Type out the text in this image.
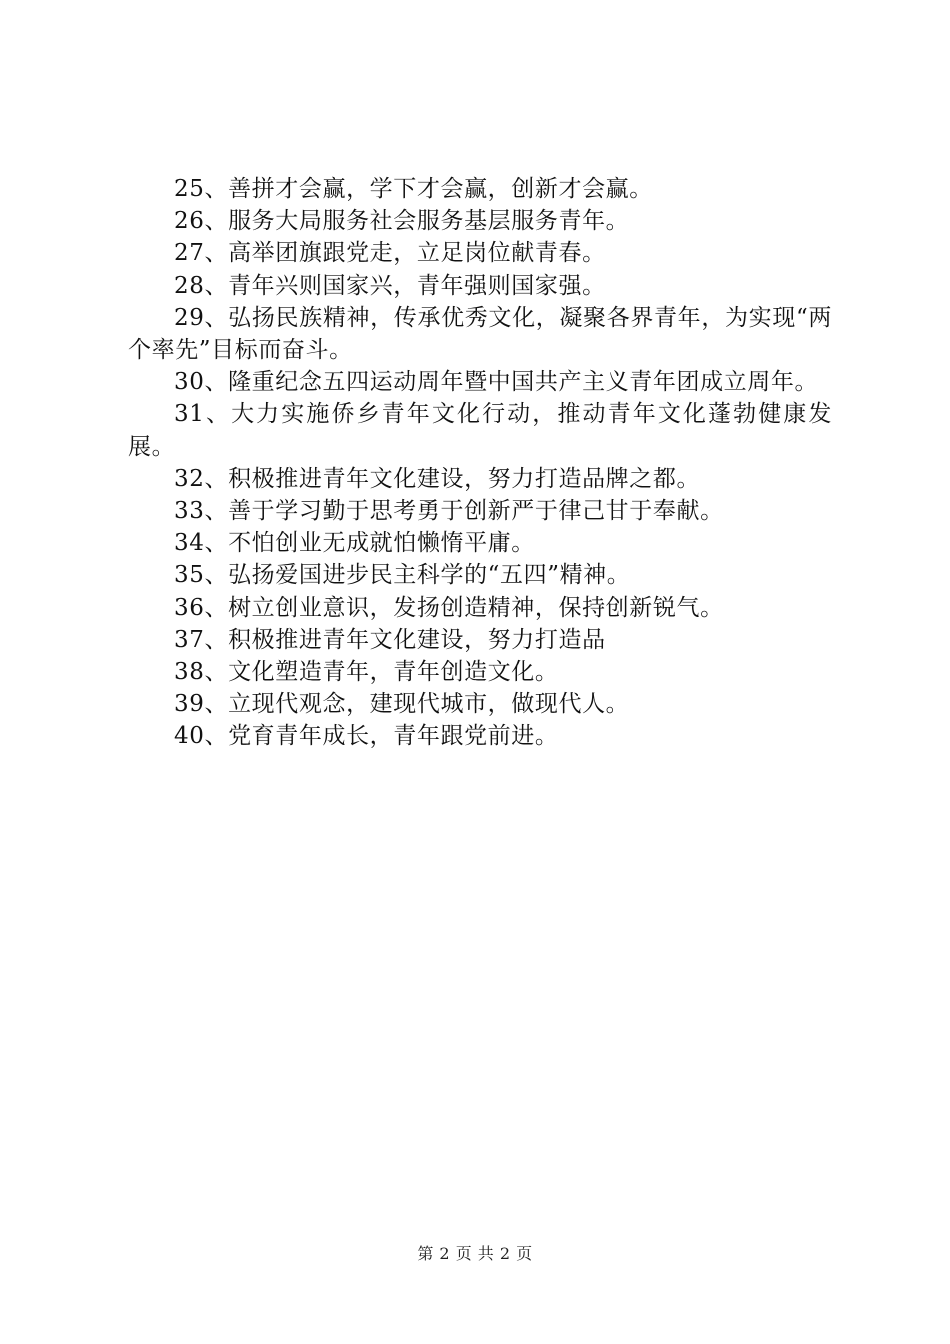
25、善拼才会赢，学下才会赢，创新才会赢。

26、服务大局服务社会服务基层服务青年。

27、高举团旗跟党走，立足岗位献青春。

28、青年兴则国家兴，青年强则国家强。

29、弘扬民族精神，传承优秀文化，凝聚各界青年，为实现“两个率先”目标而奋斗。

30、隆重纪念五四运动周年暨中国共产主义青年团成立周年。

31、大力实施侨乡青年文化行动，推动青年文化蓬勃健康发展。

32、积极推进青年文化建设，努力打造品牌之都。

33、善于学习勤于思考勇于创新严于律己甘于奉献。

34、不怕创业无成就怕懒惰平庸。

35、弘扬爱国进步民主科学的“五四”精神。

36、树立创业意识，发扬创造精神，保持创新锐气。

37、积极推进青年文化建设，努力打造品

38、文化塑造青年，青年创造文化。

39、立现代观念，建现代城市，做现代人。

40、党育青年成长，青年跟党前进。

第 2 页 共 2 页
